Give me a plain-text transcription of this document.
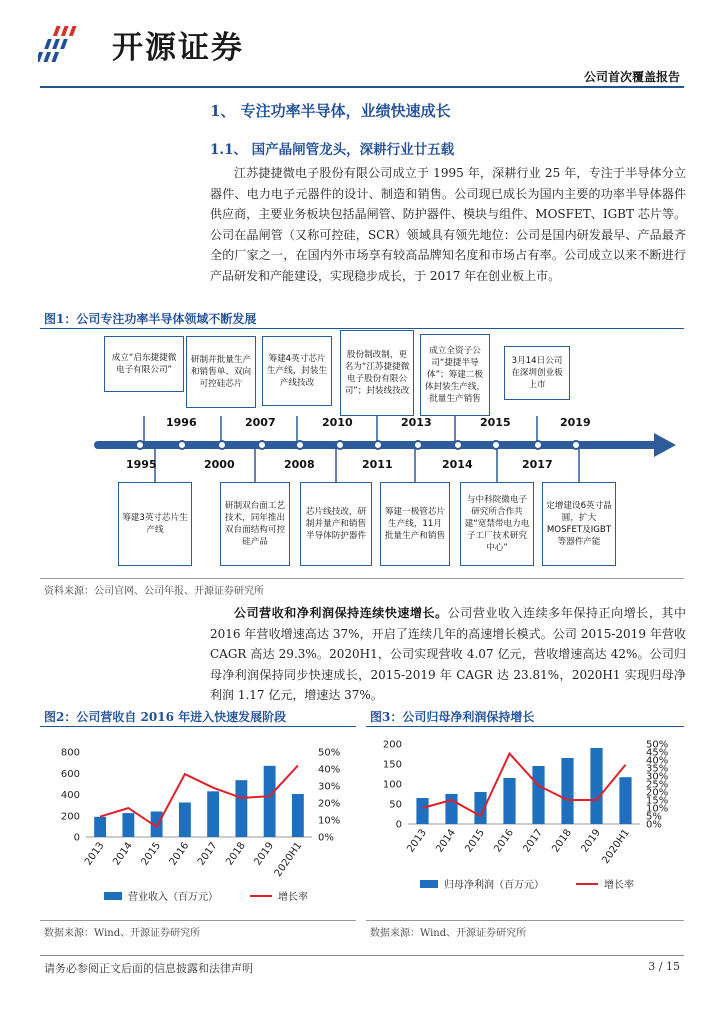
开源证券
公司首次覆盖报告
1、 专注功率半导体，业绩快速成长
1.1、 国产晶闸管龙头，深耕行业廿五载
江苏捷捷微电子股份有限公司成立于 1995 年，深耕行业 25 年，专注于半导体分立器件、电力电子元器件的设计、制造和销售。公司现已成长为国内主要的功率半导体器件供应商，主要业务板块包括晶闸管、防护器件、模块与组件、MOSFET、IGBT 芯片等。公司在晶闸管（又称可控硅，SCR）领域具有领先地位：公司是国内研发最早、产品最齐全的厂家之一，在国内外市场享有较高品牌知名度和市场占有率。公司成立以来不断进行产品研发和产能建设，实现稳步成长，于 2017 年在创业板上市。
图1：公司专注功率半导体领域不断发展
成立“启东捷捷微电子有限公司”
研制并批量生产和销售单、双向可控硅芯片
筹建4英寸芯片生产线，封装生产线技改
股份制改制，更名为“江苏捷捷微电子股份有限公司”；封装线技改
成立全资子公司“捷捷半导体”；筹建二极体封装生产线，批量生产销售
3月14日公司在深圳创业板上市
1996	2007	2010	2013	2015	2019
1995	2000	2008	2011	2014	2017
筹建3英寸芯片生产线
研制双台面工艺技术，同年推出双台面结构可控硅产品
芯片线技改，研制并量产和销售半导体防护器件
筹建一极管芯片生产线，11月批量生产和销售
与中科院微电子研究所合作共建“宽禁带电力电子工厂技术研究中心”
定增建设6英寸晶圆，扩大MOSFET及IGBT等器件产能
资料来源：公司官网、公司年报、开源证券研究所
公司营收和净利润保持连续快速增长。公司营业收入连续多年保持正向增长，其中 2016 年营收增速高达 37%，开启了连续几年的高速增长模式。公司 2015-2019 年营收 CAGR 高达 29.3%。2020H1，公司实现营收 4.07 亿元，营收增速高达 42%。公司归母净利润保持同步快速成长，2015-2019 年 CAGR 达 23.81%，2020H1 实现归母净利润 1.17 亿元，增速达 37%。
图2：公司营收自 2016 年进入快速发展阶段	图3：公司归母净利润保持增长
0
200
400
600
800
0%
10%
20%
30%
40%
50%
2013 2014 2015 2016 2017 2018 2019
2020H1
0
50
100
150
200
0%
5%
10%
15%
20%
25%
30%
35%
40%
45%
50%
2013 2014 2015 2016 2017 2018 2019
2020H1
营业收入（百万元）	增长率
归母净利润（百万元）	增长率
数据来源：Wind、开源证券研究所	数据来源：Wind、开源证券研究所
请务必参阅正文后面的信息披露和法律声明	3 / 15
